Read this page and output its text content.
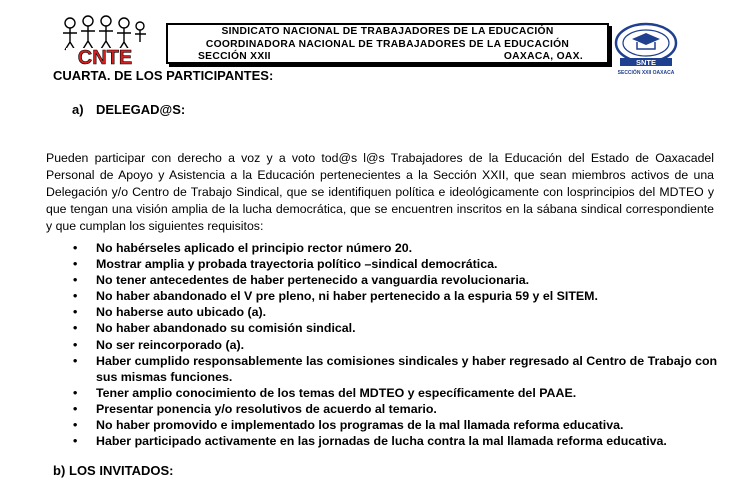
CNTE
SINDICATO NACIONAL DE TRABAJADORES DE LA EDUCACIÓN
COORDINADORA NACIONAL DE TRABAJADORES DE LA EDUCACIÓN
SECCIÓN XXII	OAXACA, OAX.
SNTE
SECCIÓN XXII OAXACA
CUARTA. DE LOS PARTICIPANTES:
a) DELEGAD@S:

Pueden participar con derecho a voz y a voto tod@s l@s Trabajadores de la Educación del Estado de Oaxacadel Personal de Apoyo y Asistencia a la Educación pertenecientes a la Sección XXII, que sean miembros activos de una Delegación y/o Centro de Trabajo Sindical, que se identifiquen política e ideológicamente con losprincipios del MDTEO y que tengan una visión amplia de la lucha democrática, que se encuentren inscritos en la sábana sindical correspondiente y que cumplan los siguientes requisitos:

• No habérseles aplicado el principio rector número 20.
• Mostrar amplia y probada trayectoria político –sindical democrática.
• No tener antecedentes de haber pertenecido a vanguardia revolucionaria.
• No haber abandonado el V pre pleno, ni haber pertenecido a la espuria 59 y el SITEM.
• No haberse auto ubicado (a).
• No haber abandonado su comisión sindical.
• No ser reincorporado (a).
• Haber cumplido responsablemente las comisiones sindicales y haber regresado al Centro de Trabajo con sus mismas funciones.
• Tener amplio conocimiento de los temas del MDTEO y específicamente del PAAE.
• Presentar ponencia y/o resolutivos de acuerdo al temario.
• No haber promovido e implementado los programas de la mal llamada reforma educativa.
• Haber participado activamente en las jornadas de lucha contra la mal llamada reforma educativa.
b) LOS INVITADOS:
